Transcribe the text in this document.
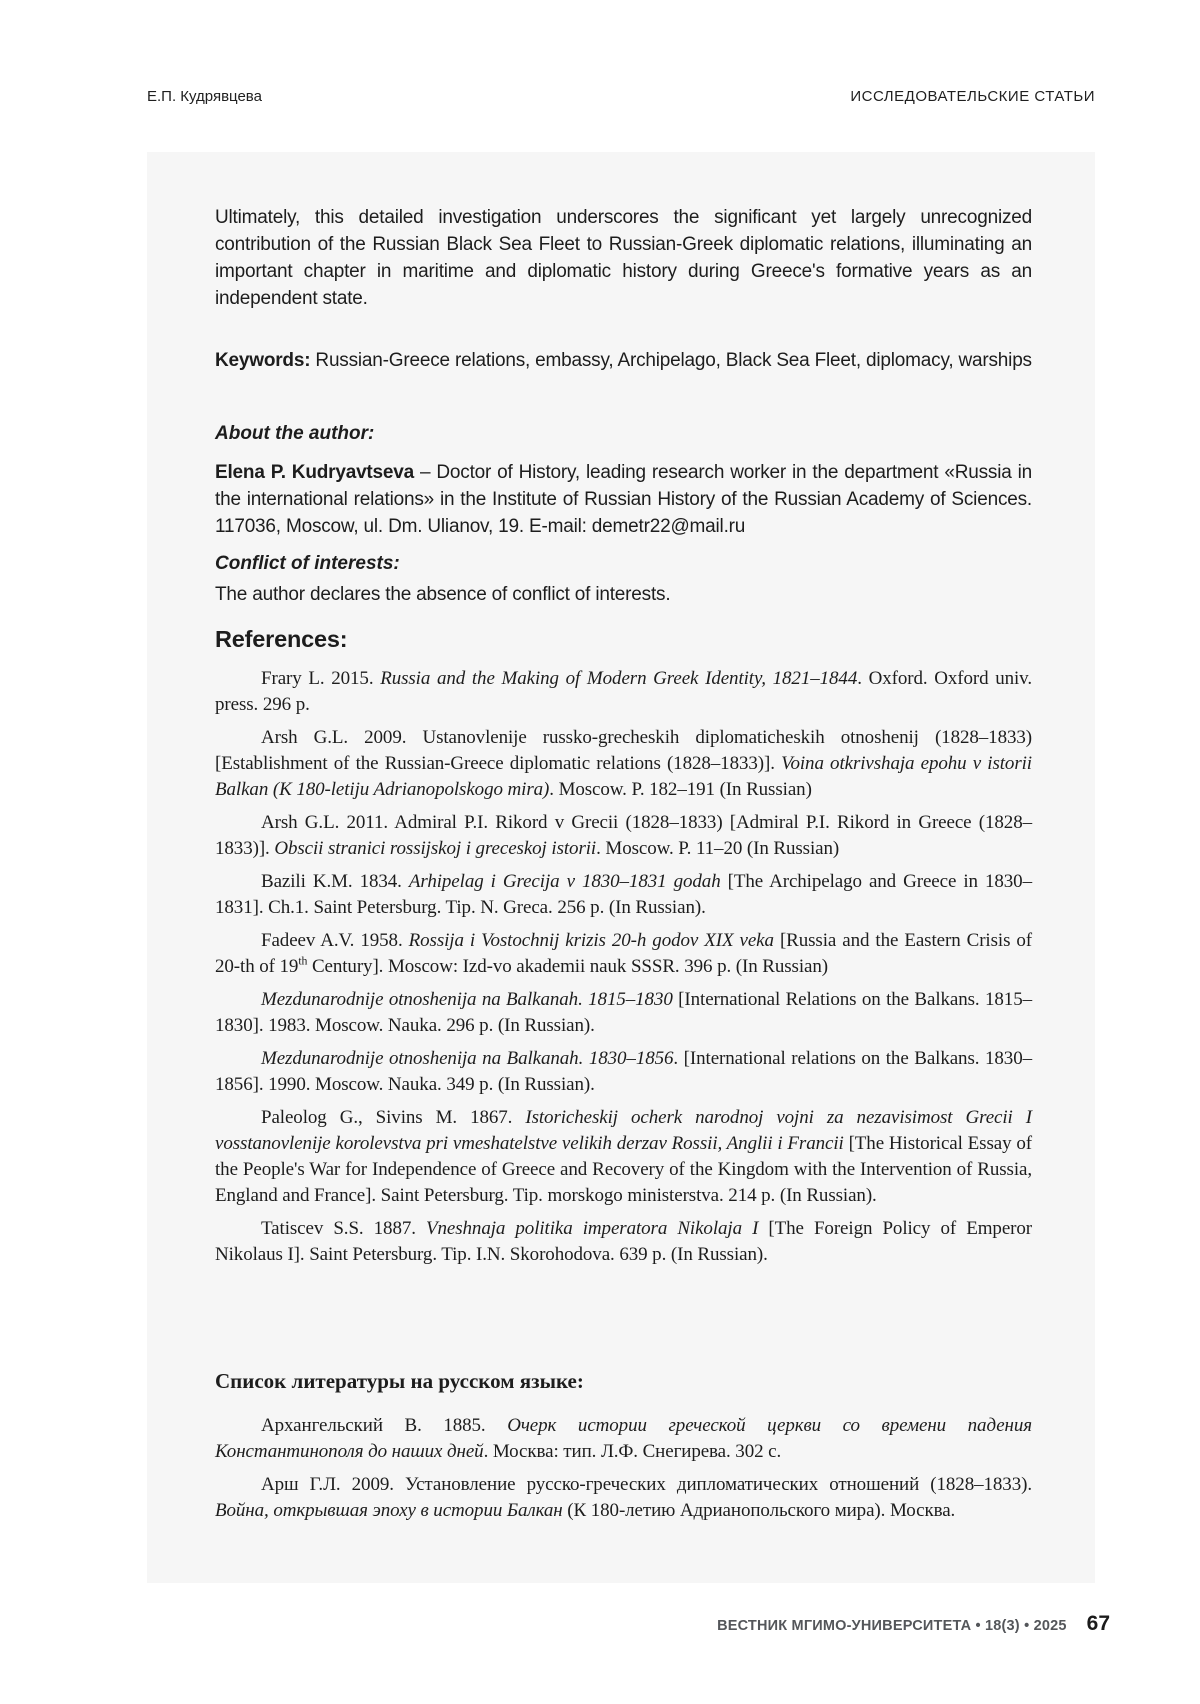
Е.П. Кудрявцева	ИССЛЕДОВАТЕЛЬСКИЕ СТАТЬИ

Ultimately, this detailed investigation underscores the significant yet largely unrecognized contribution of the Russian Black Sea Fleet to Russian-Greek diplomatic relations, illuminating an important chapter in maritime and diplomatic history during Greece's formative years as an independent state.

Keywords: Russian-Greece relations, embassy, Archipelago, Black Sea Fleet, diplomacy, warships

About the author:

Elena P. Kudryavtseva – Doctor of History, leading research worker in the department «Russia in the international relations» in the Institute of Russian History of the Russian Academy of Sciences. 117036, Moscow, ul. Dm. Ulianov, 19. E-mail: demetr22@mail.ru

Conflict of interests:

The author declares the absence of conflict of interests.

References:

Frary L. 2015. Russia and the Making of Modern Greek Identity, 1821–1844. Oxford. Oxford univ. press. 296 p.

Arsh G.L. 2009. Ustanovlenije russko-grecheskih diplomaticheskih otnoshenij (1828–1833) [Establishment of the Russian-Greece diplomatic relations (1828–1833)]. Voina otkrivshaja epohu v istorii Balkan (K 180-letiju Adrianopolskogo mira). Moscow. P. 182–191 (In Russian)

Arsh G.L. 2011. Admiral P.I. Rikord v Grecii (1828–1833) [Admiral P.I. Rikord in Greece (1828–1833)]. Obscii stranici rossijskoj i greceskoj istorii. Moscow. P. 11–20 (In Russian)

Bazili K.M. 1834. Arhipelag i Grecija v 1830–1831 godah [The Archipelago and Greece in 1830–1831]. Ch.1. Saint Petersburg. Tip. N. Greca. 256 p. (In Russian).

Fadeev A.V. 1958. Rossija i Vostochnij krizis 20-h godov XIX veka [Russia and the Eastern Crisis of 20-th of 19th Century]. Moscow: Izd-vo akademii nauk SSSR. 396 p. (In Russian)

Mezdunarodnije otnoshenija na Balkanah. 1815–1830 [International Relations on the Balkans. 1815–1830]. 1983. Moscow. Nauka. 296 p. (In Russian).

Mezdunarodnije otnoshenija na Balkanah. 1830–1856. [International relations on the Balkans. 1830–1856]. 1990. Moscow. Nauka. 349 p. (In Russian).

Paleolog G., Sivins M. 1867. Istoricheskij ocherk narodnoj vojni za nezavisimost Grecii I vosstanovlenije korolevstva pri vmeshatelstve velikih derzav Rossii, Anglii i Francii [The Historical Essay of the People's War for Independence of Greece and Recovery of the Kingdom with the Intervention of Russia, England and France]. Saint Petersburg. Tip. morskogo ministerstva. 214 p. (In Russian).

Tatiscev S.S. 1887. Vneshnaja politika imperatora Nikolaja I [The Foreign Policy of Emperor Nikolaus I]. Saint Petersburg. Tip. I.N. Skorohodova. 639 p. (In Russian).

Список литературы на русском языке:

Архангельский В. 1885. Очерк истории греческой церкви со времени падения Константинополя до наших дней. Москва: тип. Л.Ф. Снегирева. 302 с.

Арш Г.Л. 2009. Установление русско-греческих дипломатических отношений (1828–1833). Война, открывшая эпоху в истории Балкан (К 180-летию Адрианопольского мира). Москва.

ВЕСТНИК МГИМО-УНИВЕРСИТЕТА • 18(3) • 2025 67
